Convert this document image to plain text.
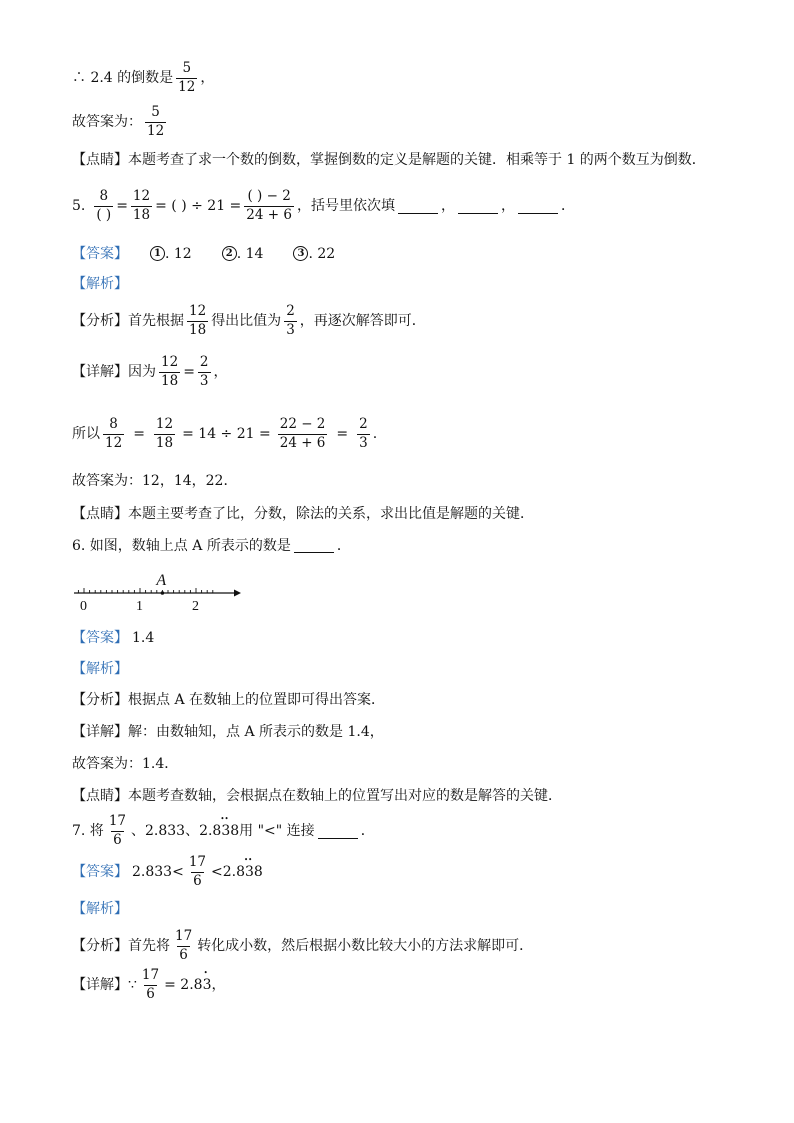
∴ 2.4 的倒数是 $\frac{5}{12}$ ，
故答案为： $\frac{5}{12}$
【点睛】 本题考查了求一个数的倒数，掌握倒数的定义是解题的关键．相乘等于 1 的两个数互为倒数．
5. $\frac{8}{( )} = \frac{12}{18}$ = ( ) ÷ $21 = \frac{( ) - 2}{24 + 6}$ ，括号里依次填	，	，	．
【答案】	1 . 12	2 . 14	3 . 22
【解析】
【分析】 首先根据 $\frac{12}{18}$ 得出比值为 $\frac{2}{3}$ ，再逐次解答即可．
【详解】 因为 $\frac{12}{18} = \frac{2}{3}$ ，
所以 $\frac{8}{12} = \frac{12}{18} = 14 \div 21 = \frac{22 - 2}{24 + 6} = \frac{2}{3}$ .
故答案为：12，14，22．
【点睛】 本题主要考查了比，分数，除法的关系，求出比值是解题的关键．
6. 如图，数轴上点 A 所表示的数是	．
0	1	2
A
【答案】 1.4
【解析】
【分析】 根据点 A 在数轴上的位置即可得出答案．
【详解】 解：由数轴知，点 A 所表示的数是 1.4，
故答案为：1.4．
【点睛】 本题考查数轴，会根据点在数轴上的位置写出对应的数是解答的关键．
7. 将 $\frac{17}{6}$ 、2.833、2.8 38 •• 用 "<" 连接	．
【答案】 $2.833< \frac{17}{6} <2.8$ 38 ••
【解析】
【分析】 首先将 $\frac{17}{6}$ 转化成小数，然后根据小数比较大小的方法求解即可．
【详解】 ∵ $\frac{17}{6} = 2.8$ 3 • ，
